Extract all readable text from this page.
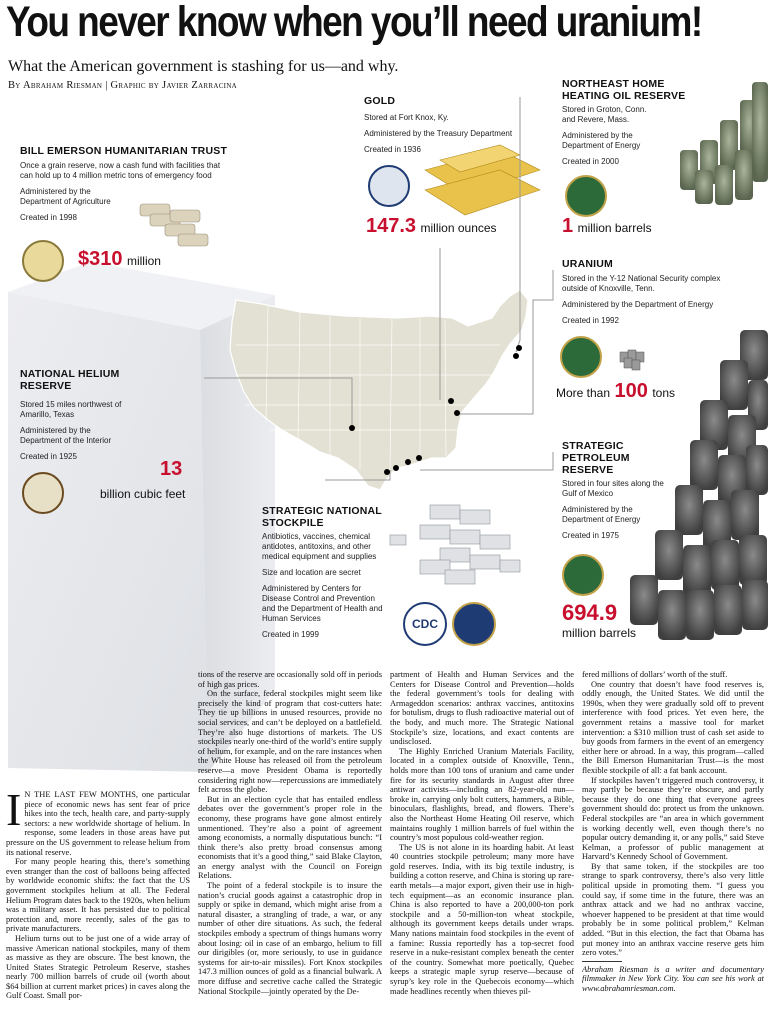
You never know when you’ll need uranium!
What the American government is stashing for us—and why.
By Abraham Riesman | Graphic by Javier Zarracina
BILL EMERSON HUMANITARIAN TRUST
Once a grain reserve, now a cash fund with facilities that can hold up to 4 million metric tons of emergency food
Administered by the Department of Agriculture
Created in 1998
$310 million
GOLD
Stored at Fort Knox, Ky.
Administered by the Treasury Department
Created in 1936
147.3 million ounces
NORTHEAST HOME
HEATING OIL RESERVE
Stored in Groton, Conn.
and Revere, Mass.
Administered by the Department of Energy
Created in 2000
1 million barrels
URANIUM
Stored in the Y-12 National Security complex outside of Knoxville, Tenn.
Administered by the Department of Energy
Created in 1992
More than 100 tons
NATIONAL HELIUM
RESERVE
Stored 15 miles northwest of Amarillo, Texas
Administered by the Department of the Interior
Created in 1925
13
billion cubic feet
STRATEGIC NATIONAL
STOCKPILE
Antibiotics, vaccines, chemical antidotes, antitoxins, and other medical equipment and supplies
Size and location are secret
Administered by Centers for Disease Control and Prevention and the Department of Health and Human Services
Created in 1999
CDC
STRATEGIC
PETROLEUM
RESERVE
Stored in four sites along the Gulf of Mexico
Administered by the Department of Energy
Created in 1975
694.9
million barrels
I N THE LAST FEW MONTHS, one particular piece of economic news has sent fear of price hikes into the tech, health care, and party-supply sectors: a new worldwide shortage of helium. In response, some leaders in those areas have put pressure on the US government to release helium from its national reserve.

For many people hearing this, there’s something even stranger than the cost of balloons being affected by worldwide economic shifts: the fact that the US government stockpiles helium at all. The Federal Helium Program dates back to the 1920s, when helium was a military asset. It has persisted due to political protection and, more recently, sales of the gas to private manufacturers.

Helium turns out to be just one of a wide array of massive American national stockpiles, many of them as massive as they are obscure. The best known, the United States Strategic Petroleum Reserve, stashes nearly 700 million barrels of crude oil (worth about $64 billion at current market prices) in caves along the Gulf Coast. Small por-

tions of the reserve are occasionally sold off in periods of high gas prices.

On the surface, federal stockpiles might seem like precisely the kind of program that cost-cutters hate: They tie up billions in unused resources, provide no social services, and can’t be deployed on a battlefield. They’re also huge distortions of markets. The US stockpiles nearly one-third of the world’s entire supply of helium, for example, and on the rare instances when the White House has released oil from the petroleum reserve—a move President Obama is reportedly considering right now—repercussions are immediately felt across the globe.

But in an election cycle that has entailed endless debates over the government’s proper role in the economy, these programs have gone almost entirely unmentioned. They’re also a point of agreement among economists, a normally disputatious bunch: “I think there’s also pretty broad consensus among economists that it’s a good thing,” said Blake Clayton, an energy analyst with the Council on Foreign Relations.

The point of a federal stockpile is to insure the nation’s crucial goods against a catastrophic drop in supply or spike in demand, which might arise from a natural disaster, a strangling of trade, a war, or any number of other dire situations. As such, the federal stockpiles embody a spectrum of things humans worry about losing: oil in case of an embargo, helium to fill our dirigibles (or, more seriously, to use in guidance systems for air-to-air missiles). Fort Knox stockpiles 147.3 million ounces of gold as a financial bulwark. A more diffuse and secretive cache called the Strategic National Stockpile—jointly operated by the De-

partment of Health and Human Services and the Centers for Disease Control and Prevention—holds the federal government’s tools for dealing with Armageddon scenarios: anthrax vaccines, antitoxins for botulism, drugs to flush radioactive material out of the body, and much more. The Strategic National Stockpile’s size, locations, and exact contents are undisclosed.

The Highly Enriched Uranium Materials Facility, located in a complex outside of Knoxville, Tenn., holds more than 100 tons of uranium and came under fire for its security standards in August after three antiwar activists—including an 82-year-old nun—broke in, carrying only bolt cutters, hammers, a Bible, binoculars, flashlights, bread, and flowers. There’s also the Northeast Home Heating Oil reserve, which maintains roughly 1 million barrels of fuel within the country’s most populous cold-weather region.

The US is not alone in its hoarding habit. At least 40 countries stockpile petroleum; many more have gold reserves. India, with its big textile industry, is building a cotton reserve, and China is storing up rare-earth metals—a major export, given their use in high-tech equipment—as an economic insurance plan. China is also reported to have a 200,000-ton pork stockpile and a 50-million-ton wheat stockpile, although its government keeps details under wraps. Many nations maintain food stockpiles in the event of a famine: Russia reportedly has a top-secret food reserve in a nuke-resistant complex beneath the center of the country. Somewhat more poetically, Quebec keeps a strategic maple syrup reserve—because of syrup’s key role in the Quebecois economy—which made headlines recently when thieves pil-

fered millions of dollars’ worth of the stuff.

One country that doesn’t have food reserves is, oddly enough, the United States. We did until the 1990s, when they were gradually sold off to prevent interference with food prices. Yet even here, the government retains a massive tool for market intervention: a $310 million trust of cash set aside to buy goods from farmers in the event of an emergency either here or abroad. In a way, this program—called the Bill Emerson Humanitarian Trust—is the most flexible stockpile of all: a fat bank account.

If stockpiles haven’t triggered much controversy, it may partly be because they’re obscure, and partly because they do one thing that everyone agrees government should do: protect us from the unknown. Federal stockpiles are “an area in which government is working decently well, even though there’s no popular outcry demanding it, or any polls,” said Steve Kelman, a professor of public management at Harvard’s Kennedy School of Government.

By that same token, if the stockpiles are too strange to spark controversy, there’s also very little political upside in promoting them. “I guess you could say, if some time in the future, there was an anthrax attack and we had no anthrax vaccine, whoever happened to be president at that time would probably be in some political problem,” Kelman added. “But in this election, the fact that Obama has put money into an anthrax vaccine reserve gets him zero votes.”

Abraham Riesman is a writer and documentary filmmaker in New York City. You can see his work at www.abrahamriesman.com.
